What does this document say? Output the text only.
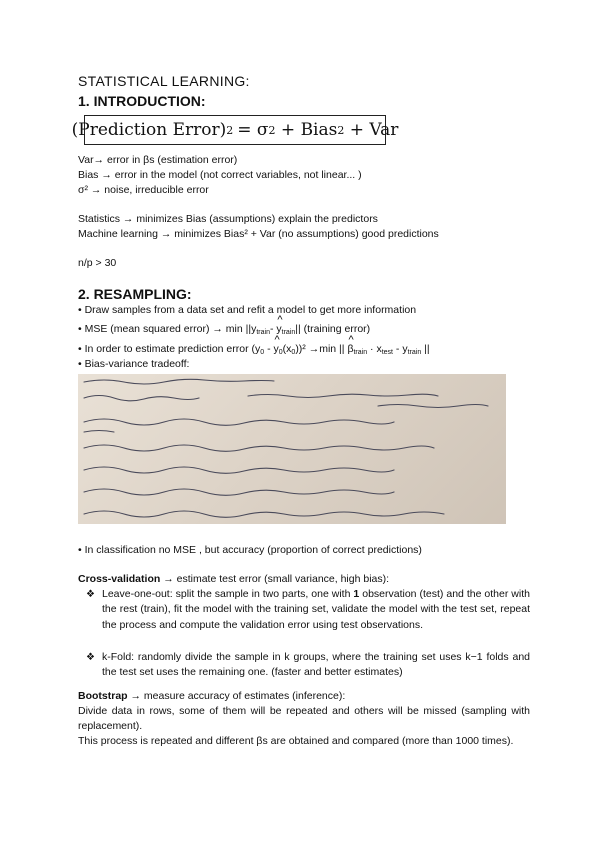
STATISTICAL LEARNING:
1. INTRODUCTION:
(Prediction Error) 2 = σ 2 + Bias 2 + Var
Var→ error in βs (estimation error)
Bias → error in the model (not correct variables, not linear... )
σ² → noise, irreducible error
Statistics → minimizes Bias (assumptions) explain the predictors
Machine learning → minimizes Bias² + Var (no assumptions) good predictions
n/p > 30
2. RESAMPLING:
• Draw samples from a data set and refit a model to get more information
• MSE (mean squared error) → $\min ||y_{train}-$ ^ $y_{train}||$ (training error)
• In order to estimate prediction error ($y_0$ - ^ $y_0(x_0))^2 \to\min$ || ^ $\beta_{train} \cdot x_{test} - y_{train}$ ||
• Bias-variance tradeoff:
• In classification no MSE , but accuracy (proportion of correct predictions)
Cross-validation → estimate test error (small variance, high bias):
❖ Leave-one-out: split the sample in two parts, one with 1 observation (test) and the other with the rest (train), fit the model with the training set, validate the model with the test set, repeat the process and compute the validation error using test observations.
❖ k-Fold: randomly divide the sample in k groups, where the training set uses k−1 folds and the test set uses the remaining one. (faster and better estimates)
Bootstrap → measure accuracy of estimates (inference):
Divide data in rows, some of them will be repeated and others will be missed (sampling with replacement).
This process is repeated and different βs are obtained and compared (more than 1000 times).
